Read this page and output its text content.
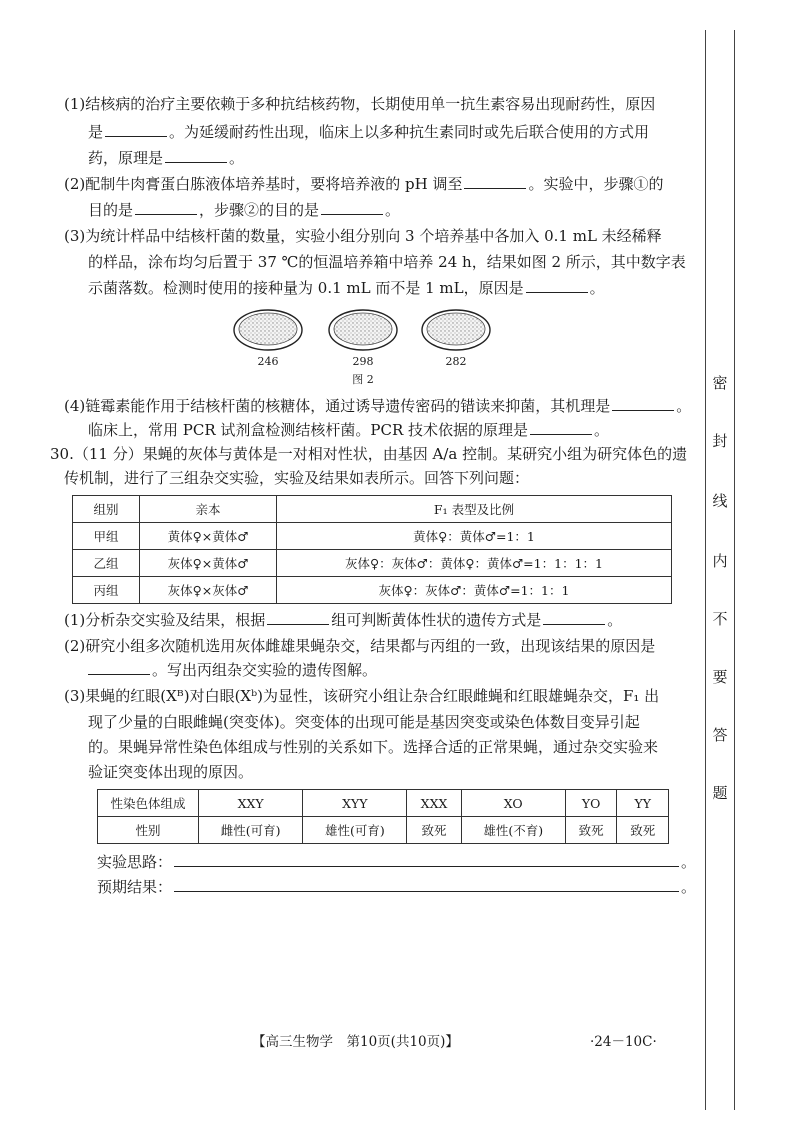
(1)结核病的治疗主要依赖于多种抗结核药物，长期使用单一抗生素容易出现耐药性，原因
是	。为延缓耐药性出现，临床上以多种抗生素同时或先后联合使用的方式用
药，原理是	。
(2)配制牛肉膏蛋白胨液体培养基时，要将培养液的 pH 调至	。实验中，步骤①的
目的是	，步骤②的目的是	。
(3)为统计样品中结核杆菌的数量，实验小组分别向 3 个培养基中各加入 0.1 mL 未经稀释
的样品，涂布均匀后置于 37 ℃的恒温培养箱中培养 24 h，结果如图 2 所示，其中数字表
示菌落数。检测时使用的接种量为 0.1 mL 而不是 1 mL，原因是	。
246	298	282
图 2
(4)链霉素能作用于结核杆菌的核糖体，通过诱导遗传密码的错读来抑菌，其机理是	。
临床上，常用 PCR 试剂盒检测结核杆菌。PCR 技术依据的原理是	。
30.（11 分）果蝇的灰体与黄体是一对相对性状，由基因 A/a 控制。某研究小组为研究体色的遗
传机制，进行了三组杂交实验，实验及结果如表所示。回答下列问题：
组别	亲本	F₁ 表型及比例
甲组	黄体♀×黄体♂	黄体♀：黄体♂=1：1
乙组	灰体♀×黄体♂	灰体♀：灰体♂：黄体♀：黄体♂=1：1：1：1
丙组	灰体♀×灰体♂	灰体♀：灰体♂：黄体♂=1：1：1
(1)分析杂交实验及结果，根据	组可判断黄体性状的遗传方式是	。
(2)研究小组多次随机选用灰体雌雄果蝇杂交，结果都与丙组的一致，出现该结果的原因是
。写出丙组杂交实验的遗传图解。
(3)果蝇的红眼(Xᴮ)对白眼(Xᵇ)为显性，该研究小组让杂合红眼雌蝇和红眼雄蝇杂交，F₁ 出
现了少量的白眼雌蝇(突变体)。突变体的出现可能是基因突变或染色体数目变异引起
的。果蝇异常性染色体组成与性别的关系如下。选择合适的正常果蝇，通过杂交实验来
验证突变体出现的原因。
性染色体组成	XXY	XYY	XXX	XO	YO	YY
性别	雌性(可育)	雄性(可育)	致死	雄性(不育)	致死	致死
实验思路：	。
预期结果：	。
密
封
线
内
不
要
答
题
【高三生物学　第10页(共10页)】	·24－10C·
